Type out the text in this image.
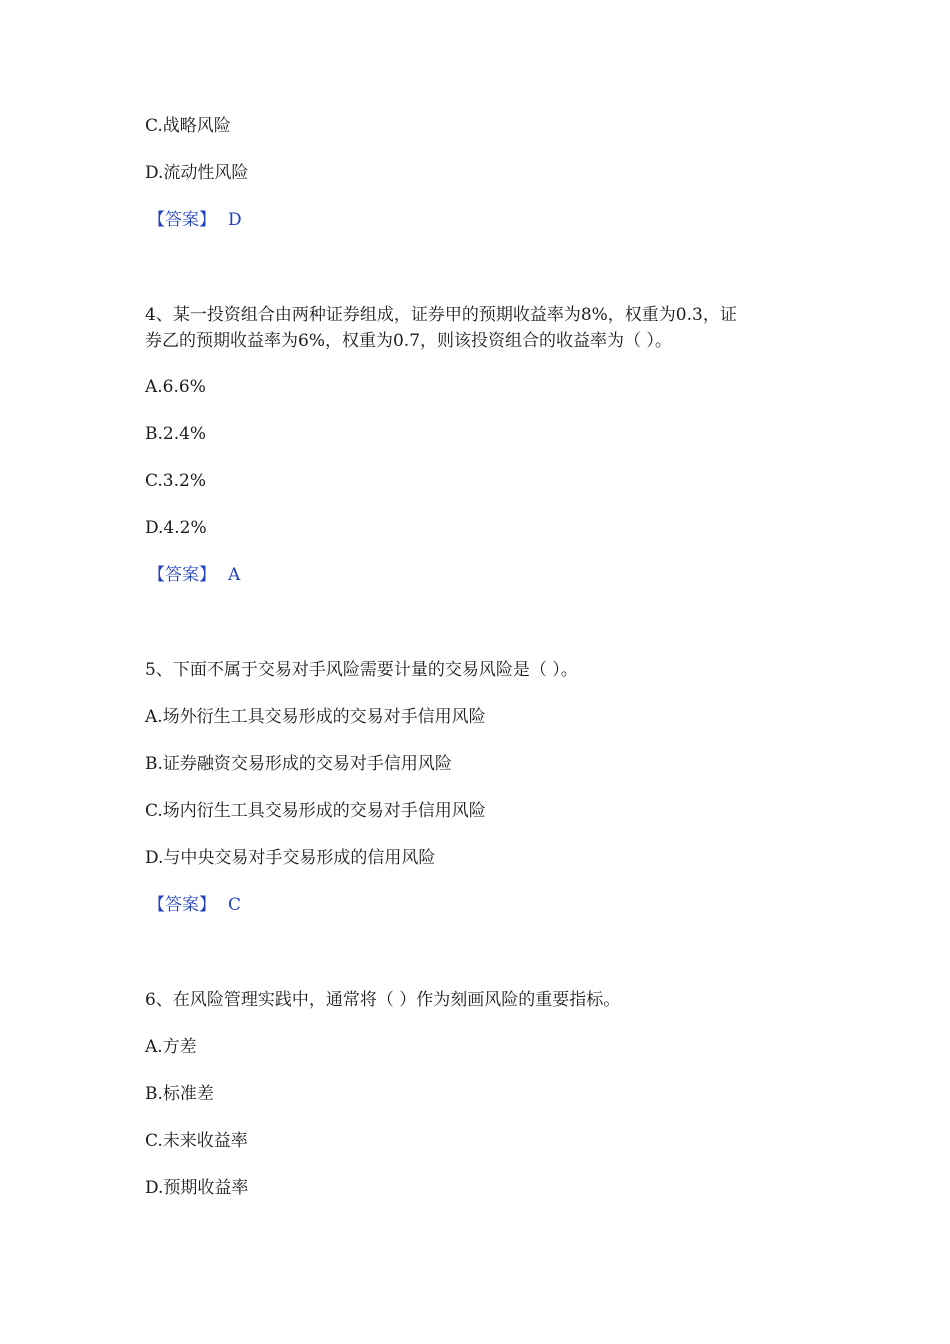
C.战略风险

D.流动性风险

【答案】 D

4、某一投资组合由两种证券组成，证券甲的预期收益率为8%，权重为0.3，证

券乙的预期收益率为6%，权重为0.7，则该投资组合的收益率为（ ）。

A.6.6%

B.2.4%

C.3.2%

D.4.2%

【答案】 A

5、下面不属于交易对手风险需要计量的交易风险是（ ）。

A.场外衍生工具交易形成的交易对手信用风险

B.证券融资交易形成的交易对手信用风险

C.场内衍生工具交易形成的交易对手信用风险

D.与中央交易对手交易形成的信用风险

【答案】 C

6、在风险管理实践中，通常将（ ）作为刻画风险的重要指标。

A.方差

B.标准差

C.未来收益率

D.预期收益率
